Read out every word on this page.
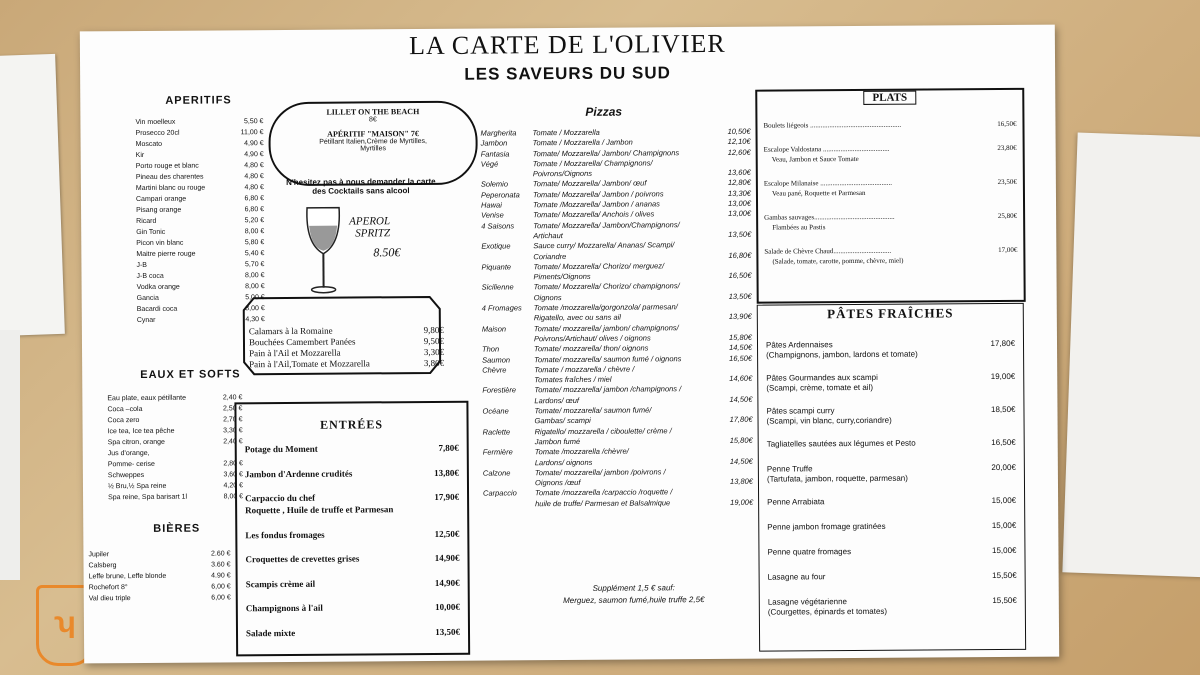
ʮ
LA CARTE DE L'OLIVIER
LES SAVEURS DU SUD
APERITIFS
Vin moelleux	5,50 €
Prosecco 20cl	11,00 €
Moscato	4,90 €
Kir	4,90 €
Porto rouge et blanc	4,80 €
Pineau des charentes	4,80 €
Martini blanc ou rouge	4,80 €
Campari orange	6,80 €
Pisang orange	6,80 €
Ricard	5,20 €
Gin Tonic	8,00 €
Picon vin blanc	5,80 €
Maitre pierre rouge	5,40 €
J-B	5,70 €
J-B coca	8,00 €
Vodka orange	8,00 €
Gancia	5,00 €
Bacardi coca	8,00 €
Cynar	4,30 €
EAUX ET SOFTS
Eau plate, eaux pétillante	2,40 €
Coca –cola	2,50 €
Coca zero	2,70 €
Ice tea, Ice tea pêche	3,30 €
Spa citron, orange	2,40 €
Jus d'orange,
Pomme- cerise	2,80 €
Schweppes	3,60 €
½ Bru,½ Spa reine	4,20 €
Spa reine, Spa barisart 1l	8,00 €
BIÈRES
Jupiler	2.60 €
Calsberg	3.60 €
Leffe brune, Leffe blonde	4.90 €
Rochefort 8°	6,00 €
Val dieu triple	6,00 €
LILLET ON THE BEACH
8€
APÉRITIF "MAISON" 7€
Pétillant Italien,Crème de Myrtilles,
Myrtilles
N'hesitez pas à nous demander la carte
des Cocktails sans alcool
APEROL
SPRITZ
8.50€
Calamars à la Romaine	9,80€
Bouchées Camembert Panées	9,50€
Pain à l'Ail et Mozzarella	3,30€
Pain à l'Ail,Tomate et Mozzarella	3,80€
ENTRÉES
Potage du Moment	7,80€
Jambon d'Ardenne crudités	13,80€
Carpaccio du chef	17,90€
Roquette , Huile de truffe et Parmesan
Les fondus fromages	12,50€
Croquettes de crevettes grises	14,90€
Scampis crème ail	14,90€
Champignons à l'ail	10,00€
Salade mixte	13,50€
Pizzas
Margherita	Tomate / Mozzarella	10,50€
Jambon	Tomate / Mozzarella / Jambon	12,10€
Fantasia	Tomate/ Mozzarella/ Jambon/ Champignons	12,60€
Végé	Tomate / Mozzarella/ Champignons/
Poivrons/Oignons	13,60€
Solemio	Tomate/ Mozzarella/ Jambon/ œuf	12,80€
Peperonata	Tomate/ Mozzarella/ Jambon / poivrons	13,30€
Hawai	Tomate /Mozzarella/ Jambon / ananas	13,00€
Venise	Tomate/ Mozzarella/ Anchois / olives	13,00€
4 Saisons	Tomate/ Mozzarella/ Jambon/Champignons/
Artichaut	13,50€
Exotique	Sauce curry/ Mozzarella/ Ananas/ Scampi/
Coriandre	16,80€
Piquante	Tomate/ Mozzarella/ Chorizo/ merguez/
Piments/Oignons	16,50€
Sicilienne	Tomate/ Mozzarella/ Chorizo/ champignons/
Oignons	13,50€
4 Fromages	Tomate /mozzarella/gorgonzola/ parmesan/
Rigatello, avec ou sans ail	13,90€
Maison	Tomate/ mozzarella/ jambon/ champignons/
Poivrons/Artichaut/ olives / oignons	15,80€
Thon	Tomate/ mozzarella/ thon/ oignons	14,50€
Saumon	Tomate/ mozzarella/ saumon fumé / oignons	16,50€
Chèvre	Tomate / mozzarella / chèvre /
Tomates fraîches / miel	14,60€
Forestière	Tomate/ mozzarella/ jambon /champignons /
Lardons/ œuf	14,50€
Océane	Tomate/ mozzarella/ saumon fumé/
Gambas/ scampi	17,80€
Raclette	Rigatello/ mozzarella / ciboulette/ crème /
Jambon fumé	15,80€
Fermière	Tomate /mozzarella /chèvre/
Lardons/ oignons	14,50€
Calzone	Tomate/ mozzarella/ jambon /poivrons /
Oignons /œuf	13,80€
Carpaccio	Tomate /mozzarella /carpaccio /roquette /
huile de truffe/ Parmesan et Balsalmique	19,00€
Supplément 1,5 € sauf:
Merguez, saumon fumé,huile truffe 2,5€
PLATS
Boulets liégeois ....................................................	16,50€
Escalope Valdostana ......................................	23,80€
Veau, Jambon et Sauce Tomate
Escalope Milanaise .........................................	23,50€
Veau pané, Roquette et Parmesan
Gambas sauvages..............................................	25,80€
Flambées au Pastis
Salade de Chèvre Chaud.................................	17,00€
(Salade, tomate, carotte, pomme, chèvre, miel)
PÂTES FRAÎCHES
Pâtes Ardennaises	17,80€
(Champignons, jambon, lardons et tomate)
Pâtes Gourmandes aux scampi	19,00€
(Scampi, crème, tomate et ail)
Pâtes scampi curry	18,50€
(Scampi, vin blanc, curry,coriandre)
Tagliatelles sautées aux légumes et Pesto	16,50€
Penne Truffe	20,00€
(Tartufata, jambon, roquette, parmesan)
Penne Arrabiata	15,00€
Penne jambon fromage gratinées	15,00€
Penne quatre fromages	15,00€
Lasagne au four	15,50€
Lasagne végétarienne	15,50€
(Courgettes, épinards et tomates)
